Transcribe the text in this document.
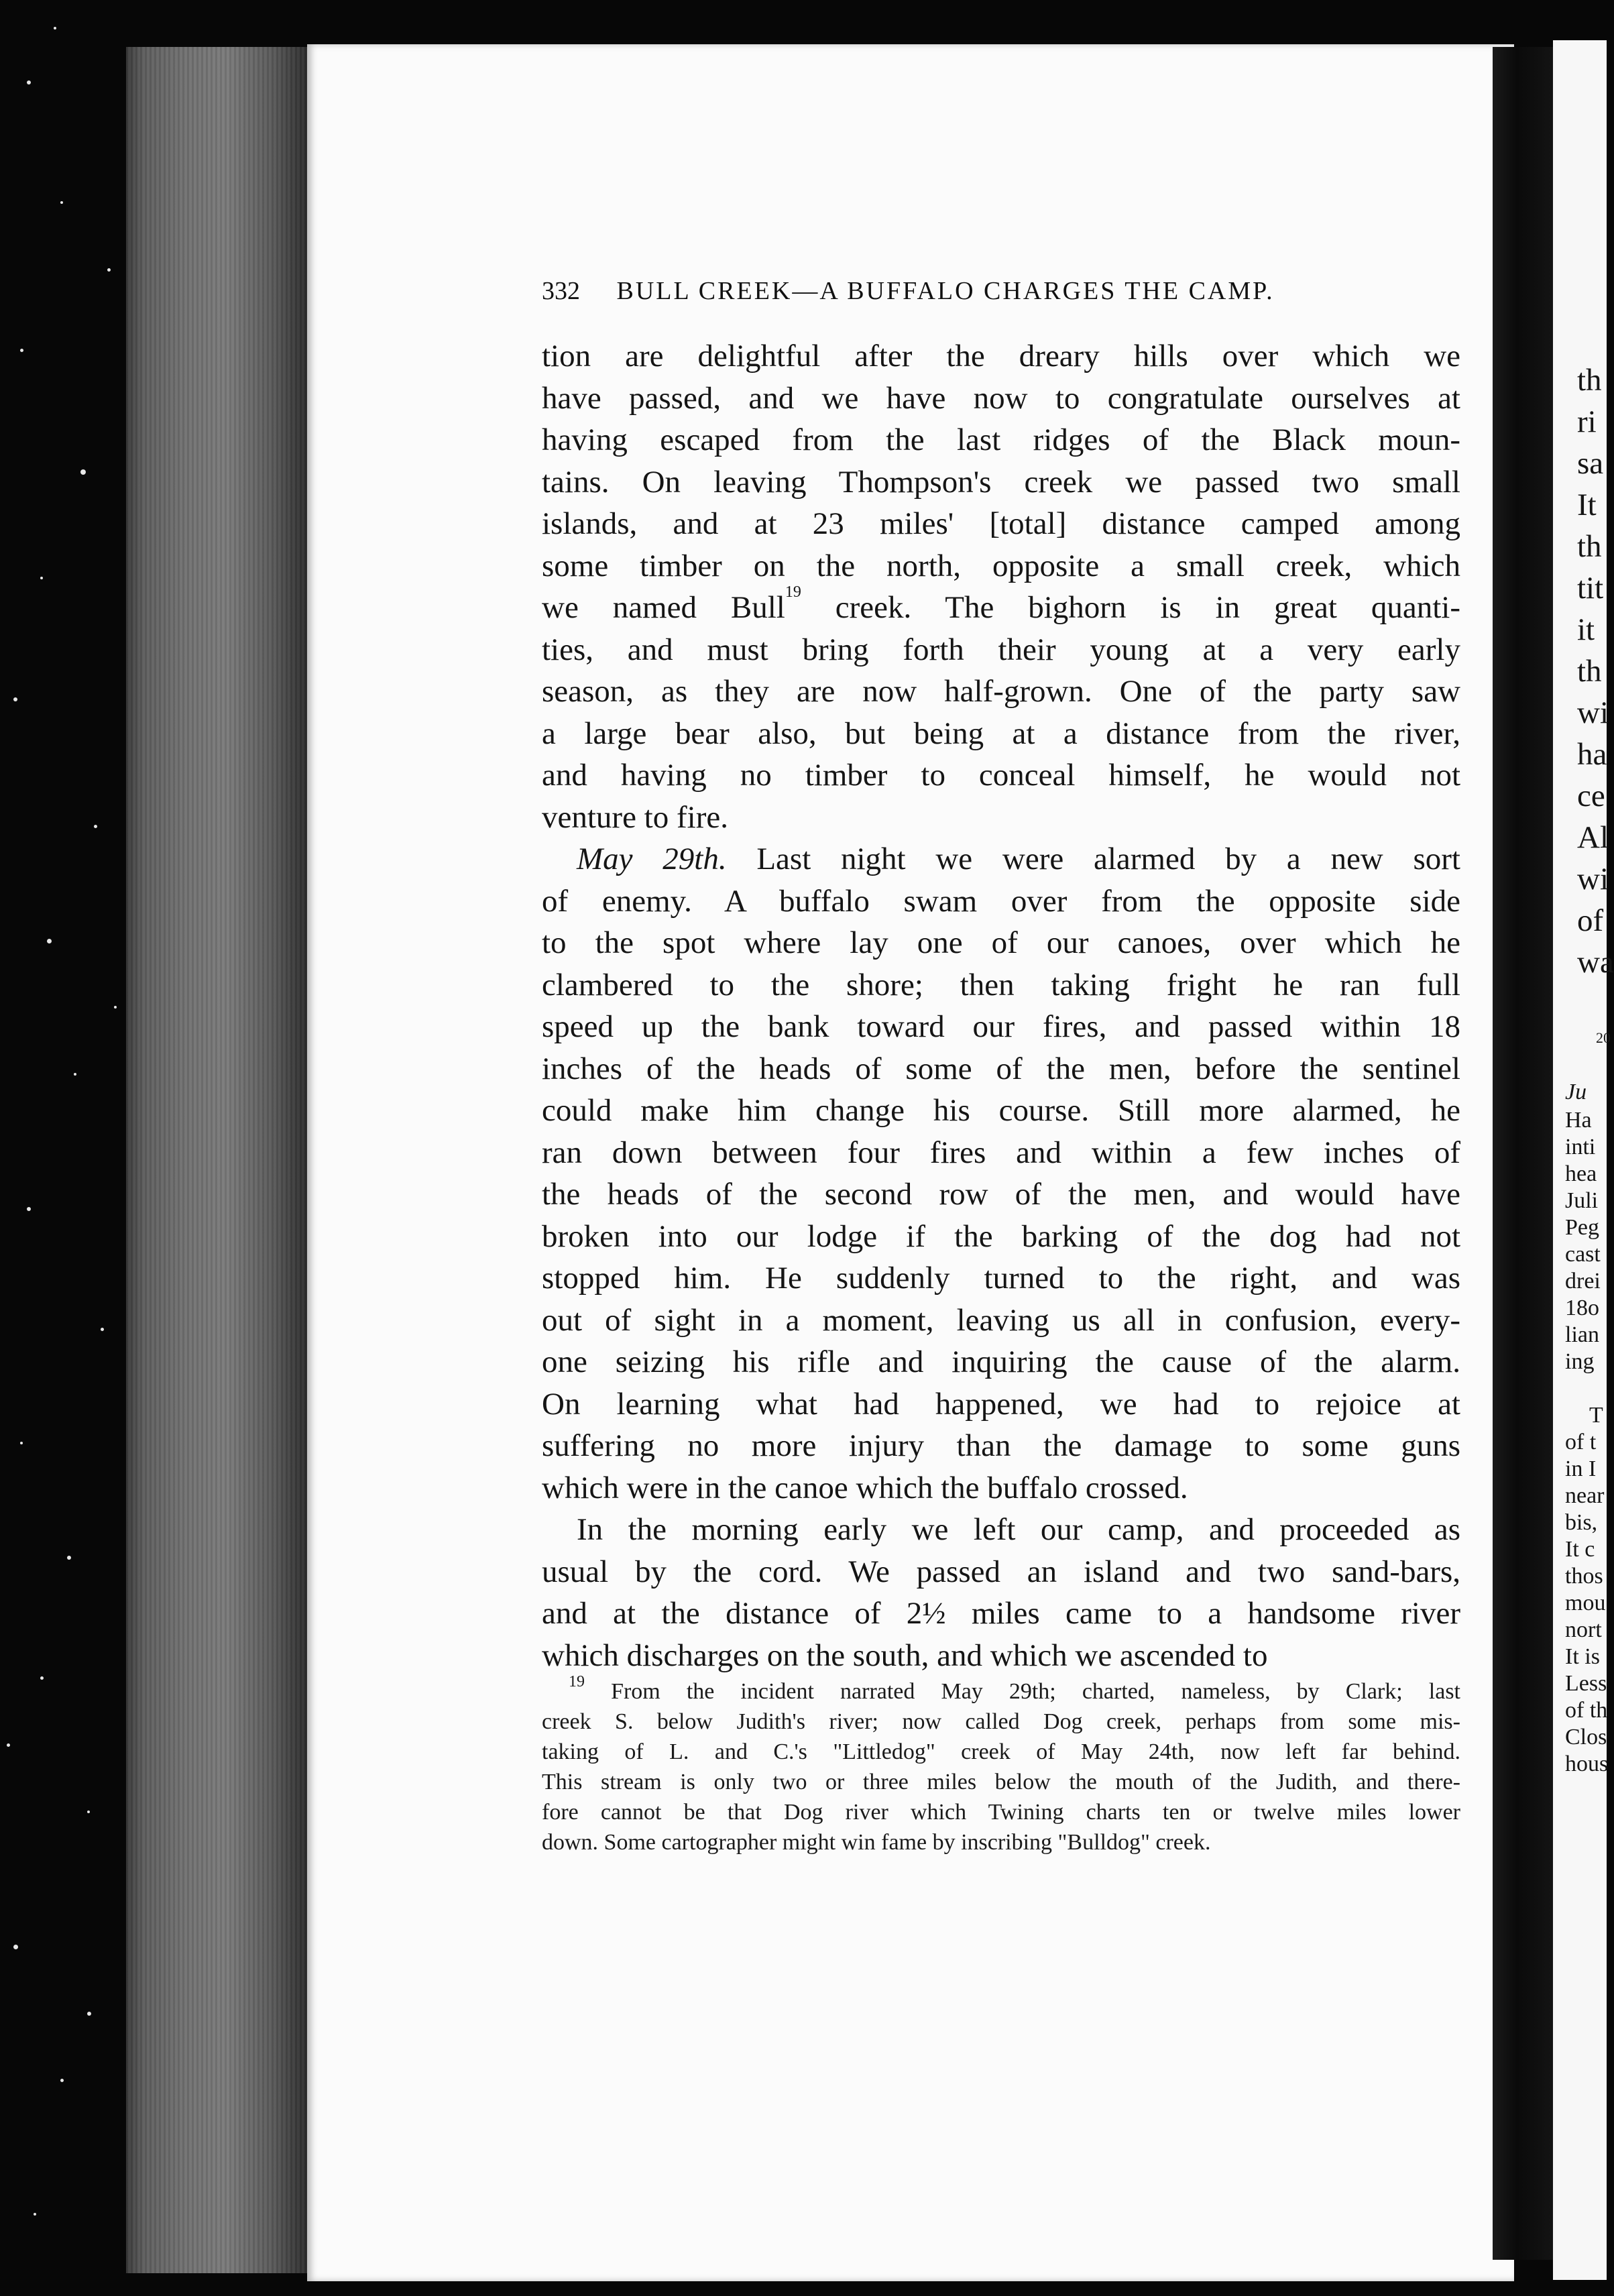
332 BULL CREEK—A BUFFALO CHARGES THE CAMP.
tion are delightful after the dreary hills over which we
have passed, and we have now to congratulate ourselves at
having escaped from the last ridges of the Black moun-
tains. On leaving Thompson's creek we passed two small
islands, and at 23 miles' [total] distance camped among
some timber on the north, opposite a small creek, which
we named Bull$^{19}$ creek. The bighorn is in great quanti-
ties, and must bring forth their young at a very early
season, as they are now half-grown. One of the party saw
a large bear also, but being at a distance from the river,
and having no timber to conceal himself, he would not
venture to fire.
May 29th. Last night we were alarmed by a new sort
of enemy. A buffalo swam over from the opposite side
to the spot where lay one of our canoes, over which he
clambered to the shore; then taking fright he ran full
speed up the bank toward our fires, and passed within 18
inches of the heads of some of the men, before the sentinel
could make him change his course. Still more alarmed, he
ran down between four fires and within a few inches of
the heads of the second row of the men, and would have
broken into our lodge if the barking of the dog had not
stopped him. He suddenly turned to the right, and was
out of sight in a moment, leaving us all in confusion, every-
one seizing his rifle and inquiring the cause of the alarm.
On learning what had happened, we had to rejoice at
suffering no more injury than the damage to some guns
which were in the canoe which the buffalo crossed.
In the morning early we left our camp, and proceeded as
usual by the cord. We passed an island and two sand-bars,
and at the distance of 2½ miles came to a handsome river
which discharges on the south, and which we ascended to
$^{19}$ From the incident narrated May 29th; charted, nameless, by Clark; last
creek S. below Judith's river; now called Dog creek, perhaps from some mis-
taking of L. and C.'s "Littledog" creek of May 24th, now left far behind.
This stream is only two or three miles below the mouth of the Judith, and there-
fore cannot be that Dog river which Twining charts ten or twelve miles lower
down. Some cartographer might win fame by inscribing "Bulldog" creek.
th
ri
sa
It
th
tit
it
th
wi
ha
ce
Al
wi
of
wa
20
Ju
Ha
inti
hea
Juli
Peg
cast
drei
18o
lian
ing
T
of t
in I
near
bis,
It c
thos
mou
nort
It is
Less
of th
Clos
hous
